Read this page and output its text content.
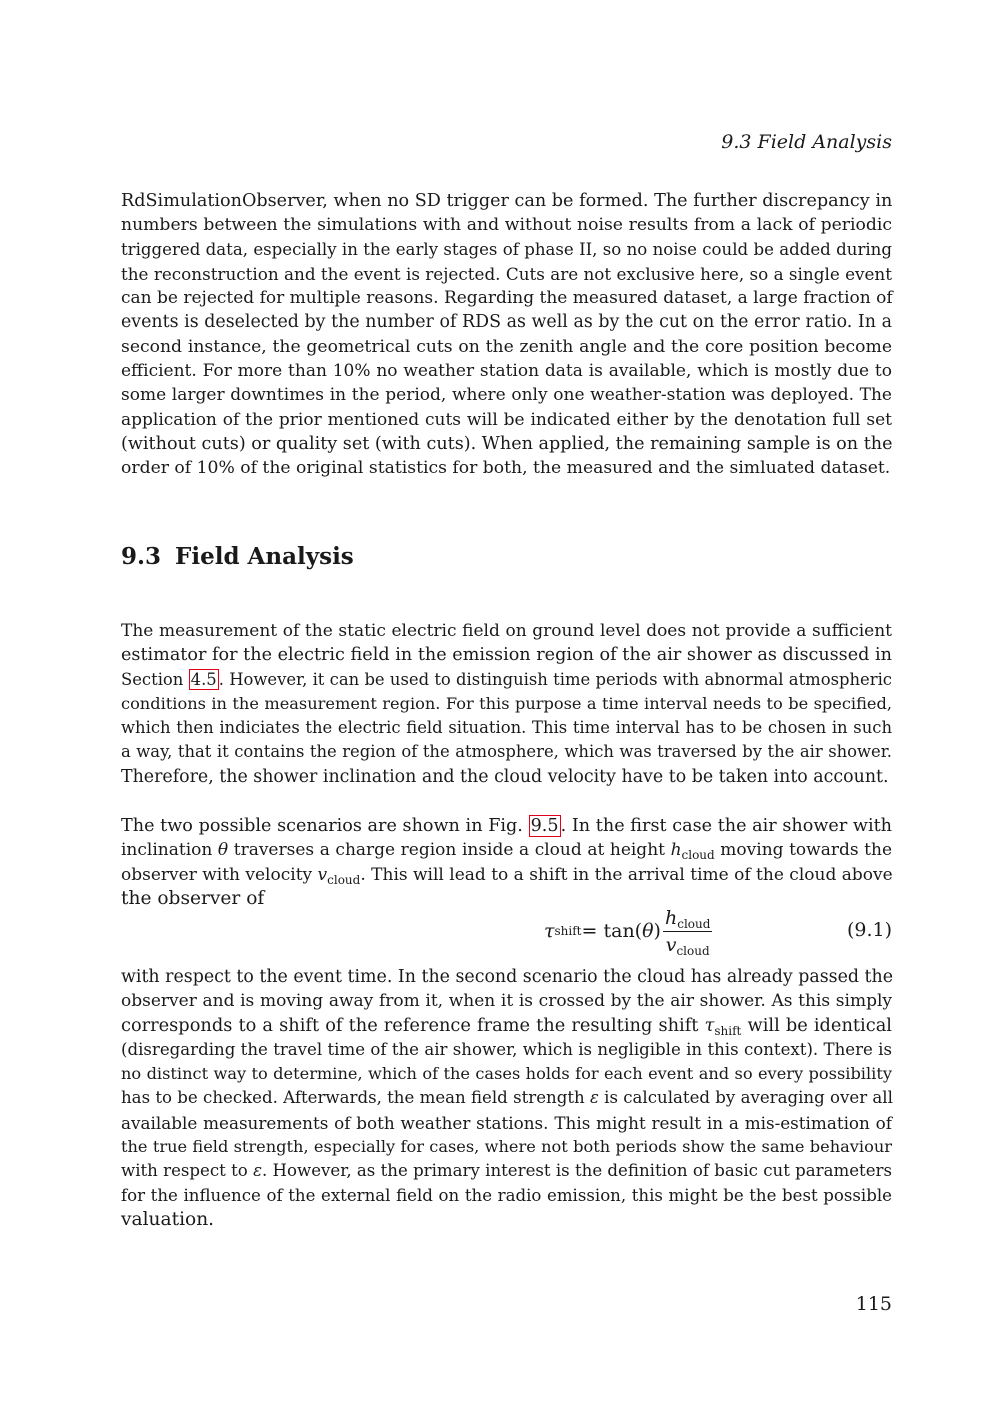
9.3 Field Analysis
RdSimulationObserver, when no SD trigger can be formed. The further discrepancy in
numbers between the simulations with and without noise results from a lack of periodic
triggered data, especially in the early stages of phase II, so no noise could be added during
the reconstruction and the event is rejected. Cuts are not exclusive here, so a single event
can be rejected for multiple reasons. Regarding the measured dataset, a large fraction of
events is deselected by the number of RDS as well as by the cut on the error ratio. In a
second instance, the geometrical cuts on the zenith angle and the core position become
efficient. For more than 10% no weather station data is available, which is mostly due to
some larger downtimes in the period, where only one weather-station was deployed. The
application of the prior mentioned cuts will be indicated either by the denotation full set
(without cuts) or quality set (with cuts). When applied, the remaining sample is on the
order of 10% of the original statistics for both, the measured and the simluated dataset.
9.3 Field Analysis
The measurement of the static electric field on ground level does not provide a sufficient
estimator for the electric field in the emission region of the air shower as discussed in
Section 4.5 . However, it can be used to distinguish time periods with abnormal atmospheric
conditions in the measurement region. For this purpose a time interval needs to be specified,
which then indiciates the electric field situation. This time interval has to be chosen in such
a way, that it contains the region of the atmosphere, which was traversed by the air shower.
Therefore, the shower inclination and the cloud velocity have to be taken into account.
The two possible scenarios are shown in Fig. 9.5 . In the first case the air shower with
inclination θ traverses a charge region inside a cloud at height $h_{cloud}$ moving towards the
observer with velocity $v_{cloud}$. This will lead to a shift in the arrival time of the cloud above
the observer of
τ shift = tan( θ ) $\frac{h_{cloud}}{v_{cloud}}$	(9.1)
with respect to the event time. In the second scenario the cloud has already passed the
observer and is moving away from it, when it is crossed by the air shower. As this simply
corresponds to a shift of the reference frame the resulting shift $\tau_{shift}$ will be identical
(disregarding the travel time of the air shower, which is negligible in this context). There is
no distinct way to determine, which of the cases holds for each event and so every possibility
has to be checked. Afterwards, the mean field strength ε is calculated by averaging over all
available measurements of both weather stations. This might result in a mis-estimation of
the true field strength, especially for cases, where not both periods show the same behaviour
with respect to ε. However, as the primary interest is the definition of basic cut parameters
for the influence of the external field on the radio emission, this might be the best possible
valuation.
115
